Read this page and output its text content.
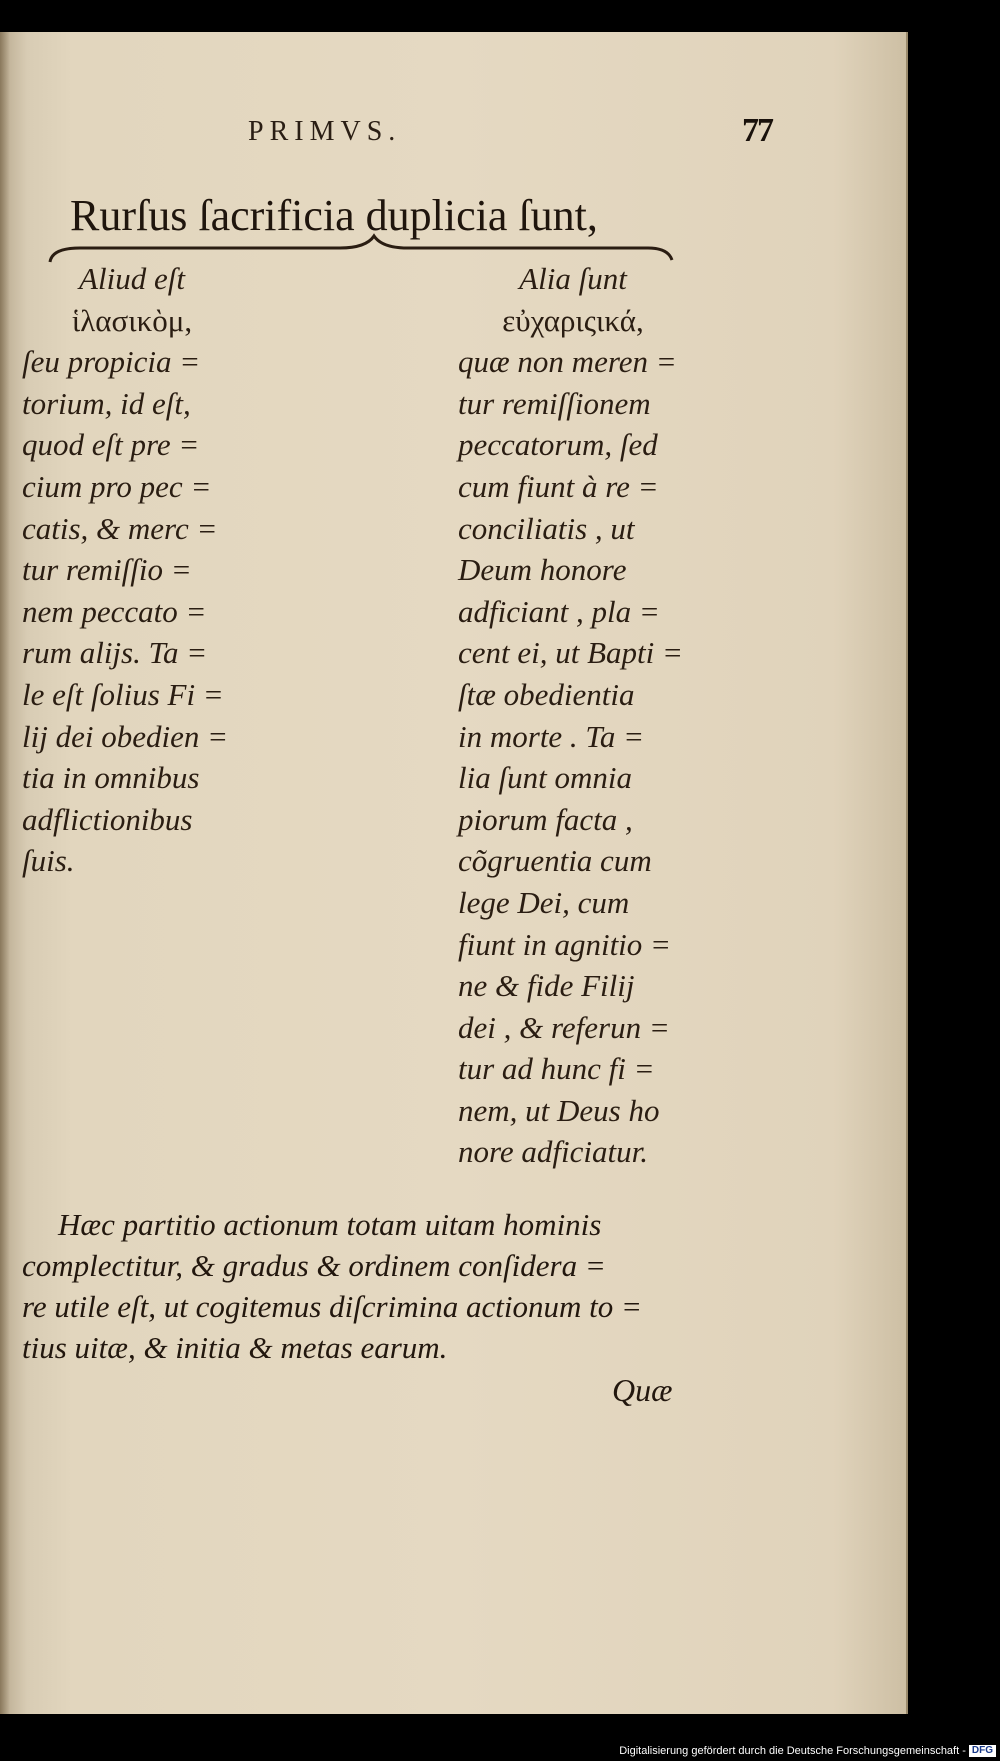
PRIMVS.	77
Rurſus ſacrificia duplicia ſunt,
Aliud eſt
ἱλασικὸμ,
ſeu propicia =
torium, id eſt,
quod eſt pre =
cium pro pec =
catis, & merc =
tur remiſſio =
nem peccato =
rum alijs. Ta =
le eſt ſolius Fi =
lij dei obedien =
tia in omnibus
adflictionibus
ſuis.
Alia ſunt
εὐχαριςικά,
quæ non meren =
tur remiſſionem
peccatorum, ſed
cum fiunt à re =
conciliatis , ut
Deum honore
adficiant , pla =
cent ei, ut Bapti =
ſtæ obedientia
in morte . Ta =
lia ſunt omnia
piorum facta ,
cõgruentia cum
lege Dei, cum
fiunt in agnitio =
ne & fide Filij
dei , & referun =
tur ad hunc fi =
nem, ut Deus ho
nore adficiatur.
Hæc partitio actionum totam uitam hominis
complectitur, & gradus & ordinem conſidera =
re utile eſt, ut cogitemus diſcrimina actionum to =
tius uitæ, & initia & metas earum.
Quæ
Digitalisierung gefördert durch die Deutsche Forschungsgemeinschaft - DFG
